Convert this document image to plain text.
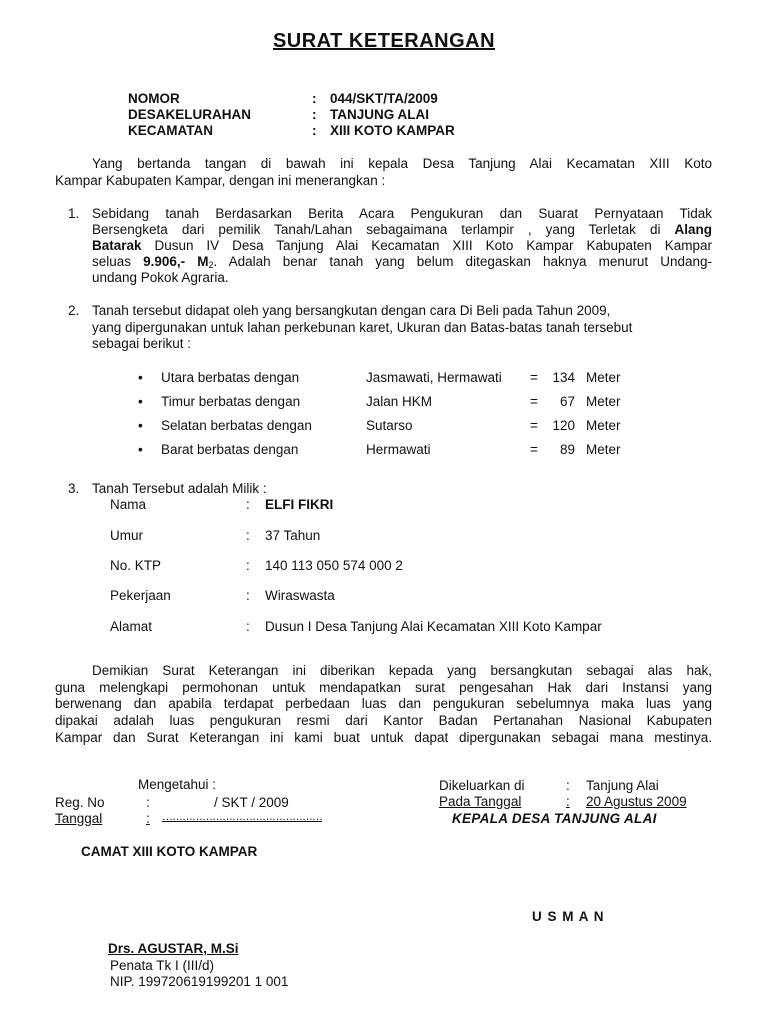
SURAT KETERANGAN
NOMOR	: 044/SKT/TA/2009
DESAKELURAHAN	: TANJUNG ALAI
KECAMATAN	: XIII KOTO KAMPAR
Yang bertanda tangan di bawah ini kepala Desa Tanjung Alai Kecamatan XIII Koto
Kampar Kabupaten Kampar, dengan ini menerangkan :
1. Sebidang tanah Berdasarkan Berita Acara Pengukuran dan Suarat Pernyataan Tidak
Bersengketa dari pemilik Tanah/Lahan sebagaimana terlampir , yang Terletak di Alang
Batarak Dusun IV Desa Tanjung Alai Kecamatan XIII Koto Kampar Kabupaten Kampar
seluas 9.906,- $M_2$. Adalah benar tanah yang belum ditegaskan haknya menurut Undang-
undang Pokok Agraria.
2. Tanah tersebut didapat oleh yang bersangkutan dengan cara Di Beli pada Tahun 2009,
yang dipergunakan untuk lahan perkebunan karet, Ukuran dan Batas-batas tanah tersebut
sebagai berikut :
• Utara berbatas dengan	Jasmawati, Hermawati =	134 Meter
• Timur berbatas dengan	Jalan HKM	=	67 Meter
• Selatan berbatas dengan	Sutarso	=	120 Meter
• Barat berbatas dengan	Hermawati	=	89 Meter
3. Tanah Tersebut adalah Milik :
Nama	: ELFI FIKRI
Umur	: 37 Tahun
No. KTP	: 140 113 050 574 000 2
Pekerjaan	: Wiraswasta
Alamat	: Dusun I Desa Tanjung Alai Kecamatan XIII Koto Kampar
Demikian Surat Keterangan ini diberikan kepada yang bersangkutan sebagai alas hak,
guna melengkapi permohonan untuk mendapatkan surat pengesahan Hak dari Instansi yang
berwenang dan apabila terdapat perbedaan luas dan pengukuran sebelumnya maka luas yang
dipakai adalah luas pengukuran resmi dari Kantor Badan Pertanahan Nasional Kabupaten
Kampar dan Surat Keterangan ini kami buat untuk dapat dipergunakan sebagai mana mestinya.
Mengetahui :
Reg. No	:	/ SKT / 2009
Tanggal	: …………………………………………
CAMAT XIII KOTO KAMPAR
Drs. AGUSTAR, M.Si
Penata Tk I (III/d)
NIP. 199720619199201 1 001
Dikeluarkan di	: Tanjung Alai
Pada Tanggal	: 20 Agustus 2009
KEPALA DESA TANJUNG ALAI
U S M A N
